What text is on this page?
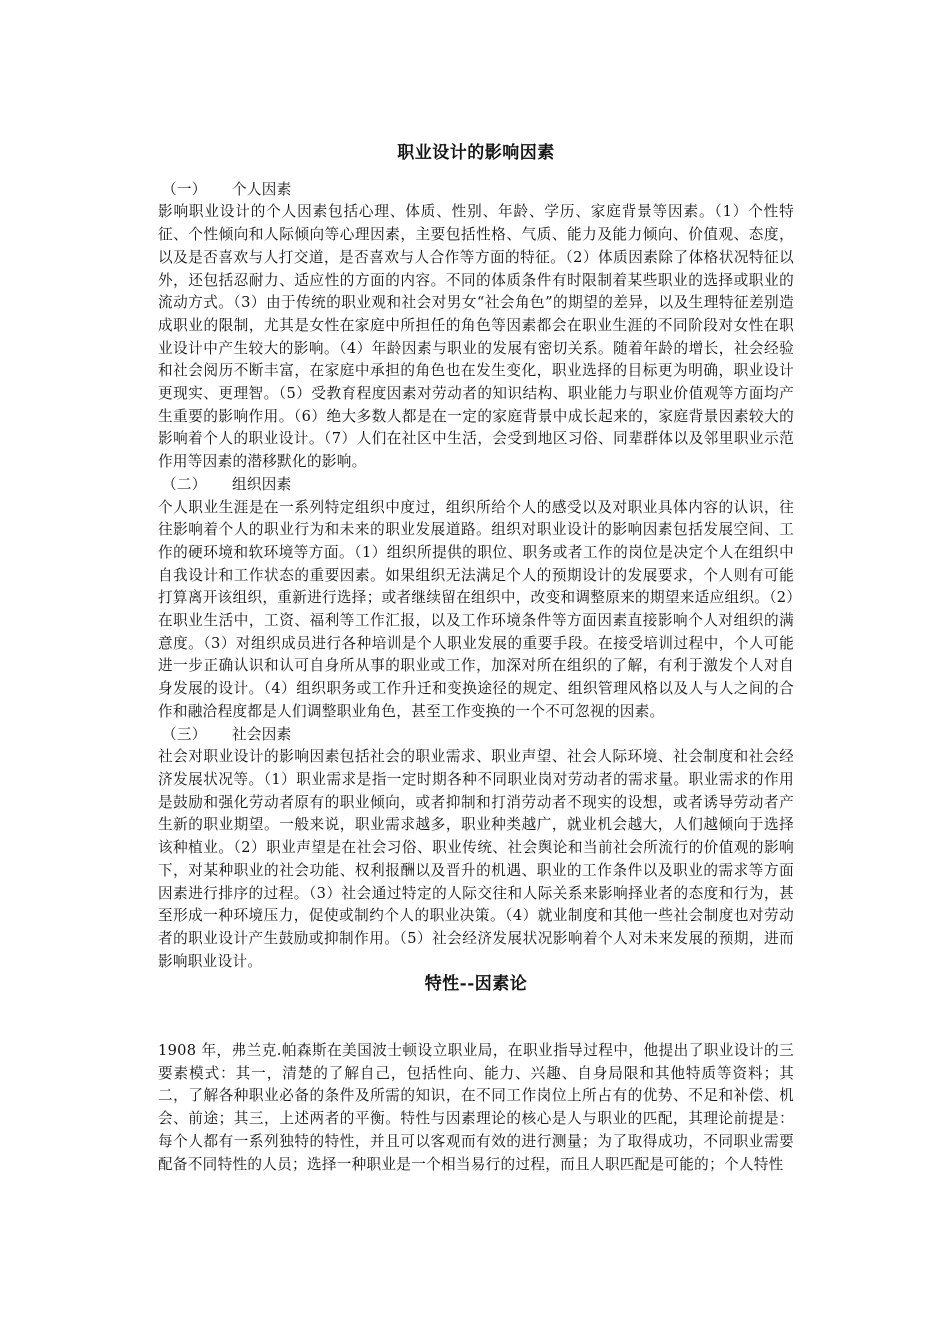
职业设计的影响因素
（一） 个人因素

影响职业设计的个人因素包括心理、体质、性别、年龄、学历、家庭背景等因素。（1）个性特征、个性倾向和人际倾向等心理因素，主要包括性格、气质、能力及能力倾向、价值观、态度，以及是否喜欢与人打交道，是否喜欢与人合作等方面的特征。（2）体质因素除了体格状况特征以外，还包括忍耐力、适应性的方面的内容。不同的体质条件有时限制着某些职业的选择或职业的流动方式。（3）由于传统的职业观和社会对男女“社会角色”的期望的差异，以及生理特征差别造成职业的限制，尤其是女性在家庭中所担任的角色等因素都会在职业生涯的不同阶段对女性在职业设计中产生较大的影响。（4）年龄因素与职业的发展有密切关系。随着年龄的增长，社会经验和社会阅历不断丰富，在家庭中承担的角色也在发生变化，职业选择的目标更为明确，职业设计更现实、更理智。（5）受教育程度因素对劳动者的知识结构、职业能力与职业价值观等方面均产生重要的影响作用。（6）绝大多数人都是在一定的家庭背景中成长起来的，家庭背景因素较大的影响着个人的职业设计。（7）人们在社区中生活，会受到地区习俗、同辈群体以及邻里职业示范作用等因素的潜移默化的影响。

（二） 组织因素

个人职业生涯是在一系列特定组织中度过，组织所给个人的感受以及对职业具体内容的认识，往往影响着个人的职业行为和未来的职业发展道路。组织对职业设计的影响因素包括发展空间、工作的硬环境和软环境等方面。（1）组织所提供的职位、职务或者工作的岗位是决定个人在组织中自我设计和工作状态的重要因素。如果组织无法满足个人的预期设计的发展要求，个人则有可能打算离开该组织，重新进行选择；或者继续留在组织中，改变和调整原来的期望来适应组织。（2）在职业生活中，工资、福利等工作汇报，以及工作环境条件等方面因素直接影响个人对组织的满意度。（3）对组织成员进行各种培训是个人职业发展的重要手段。在接受培训过程中，个人可能进一步正确认识和认可自身所从事的职业或工作，加深对所在组织的了解，有利于激发个人对自身发展的设计。（4）组织职务或工作升迁和变换途径的规定、组织管理风格以及人与人之间的合作和融洽程度都是人们调整职业角色，甚至工作变换的一个不可忽视的因素。

（三） 社会因素

社会对职业设计的影响因素包括社会的职业需求、职业声望、社会人际环境、社会制度和社会经济发展状况等。（1）职业需求是指一定时期各种不同职业岗对劳动者的需求量。职业需求的作用是鼓励和强化劳动者原有的职业倾向，或者抑制和打消劳动者不现实的设想，或者诱导劳动者产生新的职业期望。一般来说，职业需求越多，职业种类越广，就业机会越大，人们越倾向于选择该种植业。（2）职业声望是在社会习俗、职业传统、社会舆论和当前社会所流行的价值观的影响下，对某种职业的社会功能、权利报酬以及晋升的机遇、职业的工作条件以及职业的需求等方面因素进行排序的过程。（3）社会通过特定的人际交往和人际关系来影响择业者的态度和行为，甚至形成一种环境压力，促使或制约个人的职业决策。（4）就业制度和其他一些社会制度也对劳动者的职业设计产生鼓励或抑制作用。（5）社会经济发展状况影响着个人对未来发展的预期，进而影响职业设计。

特性--因素论

1908 年，弗兰克.帕森斯在美国波士顿设立职业局，在职业指导过程中，他提出了职业设计的三要素模式：其一，清楚的了解自己，包括性向、能力、兴趣、自身局限和其他特质等资料；其二，了解各种职业必备的条件及所需的知识，在不同工作岗位上所占有的优势、不足和补偿、机会、前途；其三，上述两者的平衡。特性与因素理论的核心是人与职业的匹配，其理论前提是：每个人都有一系列独特的特性，并且可以客观而有效的进行测量；为了取得成功，不同职业需要配备不同特性的人员；选择一种职业是一个相当易行的过程，而且人职匹配是可能的；个人特性
